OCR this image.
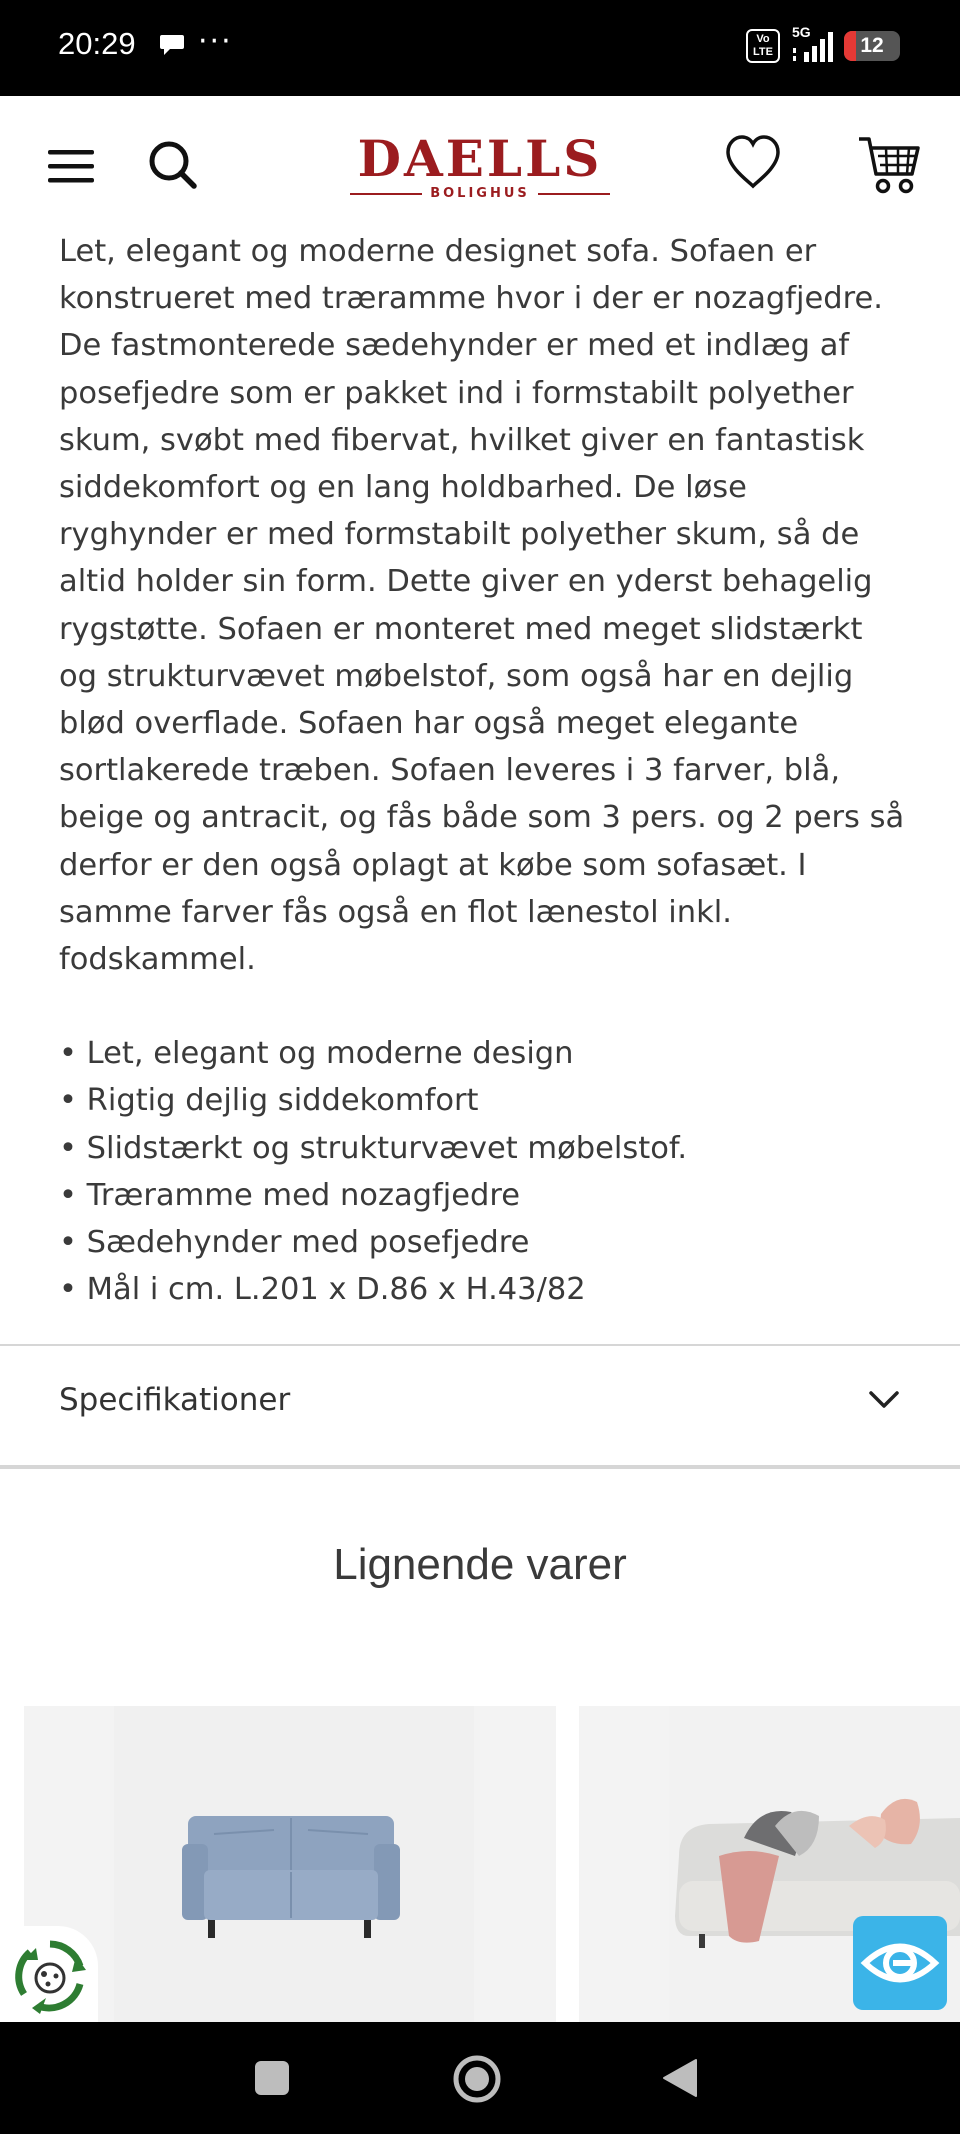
20:29 ···	Vo LTE
5G
12
DAELLS
BOLIGHUS

Let, elegant og moderne designet sofa. Sofaen er konstrueret med træramme hvor i der er nozagfjedre. De fastmonterede sædehynder er med et indlæg af posefjedre som er pakket ind i formstabilt polyether skum, svøbt med fibervat, hvilket giver en fantastisk siddekomfort og en lang holdbarhed. De løse ryghynder er med formstabilt polyether skum, så de altid holder sin form. Dette giver en yderst behagelig rygstøtte. Sofaen er monteret med meget slidstærkt og strukturvævet møbelstof, som også har en dejlig blød overflade. Sofaen har også meget elegante sortlakerede træben. Sofaen leveres i 3 farver, blå, beige og antracit, og fås både som 3 pers. og 2 pers så derfor er den også oplagt at købe som sofasæt. I samme farver fås også en flot lænestol inkl. fodskammel.

• Let, elegant og moderne design
• Rigtig dejlig siddekomfort
• Slidstærkt og strukturvævet møbelstof.
• Træramme med nozagfjedre
• Sædehynder med posefjedre
• Mål i cm. L.201 x D.86 x H.43/82
Specifikationer
Lignende varer
